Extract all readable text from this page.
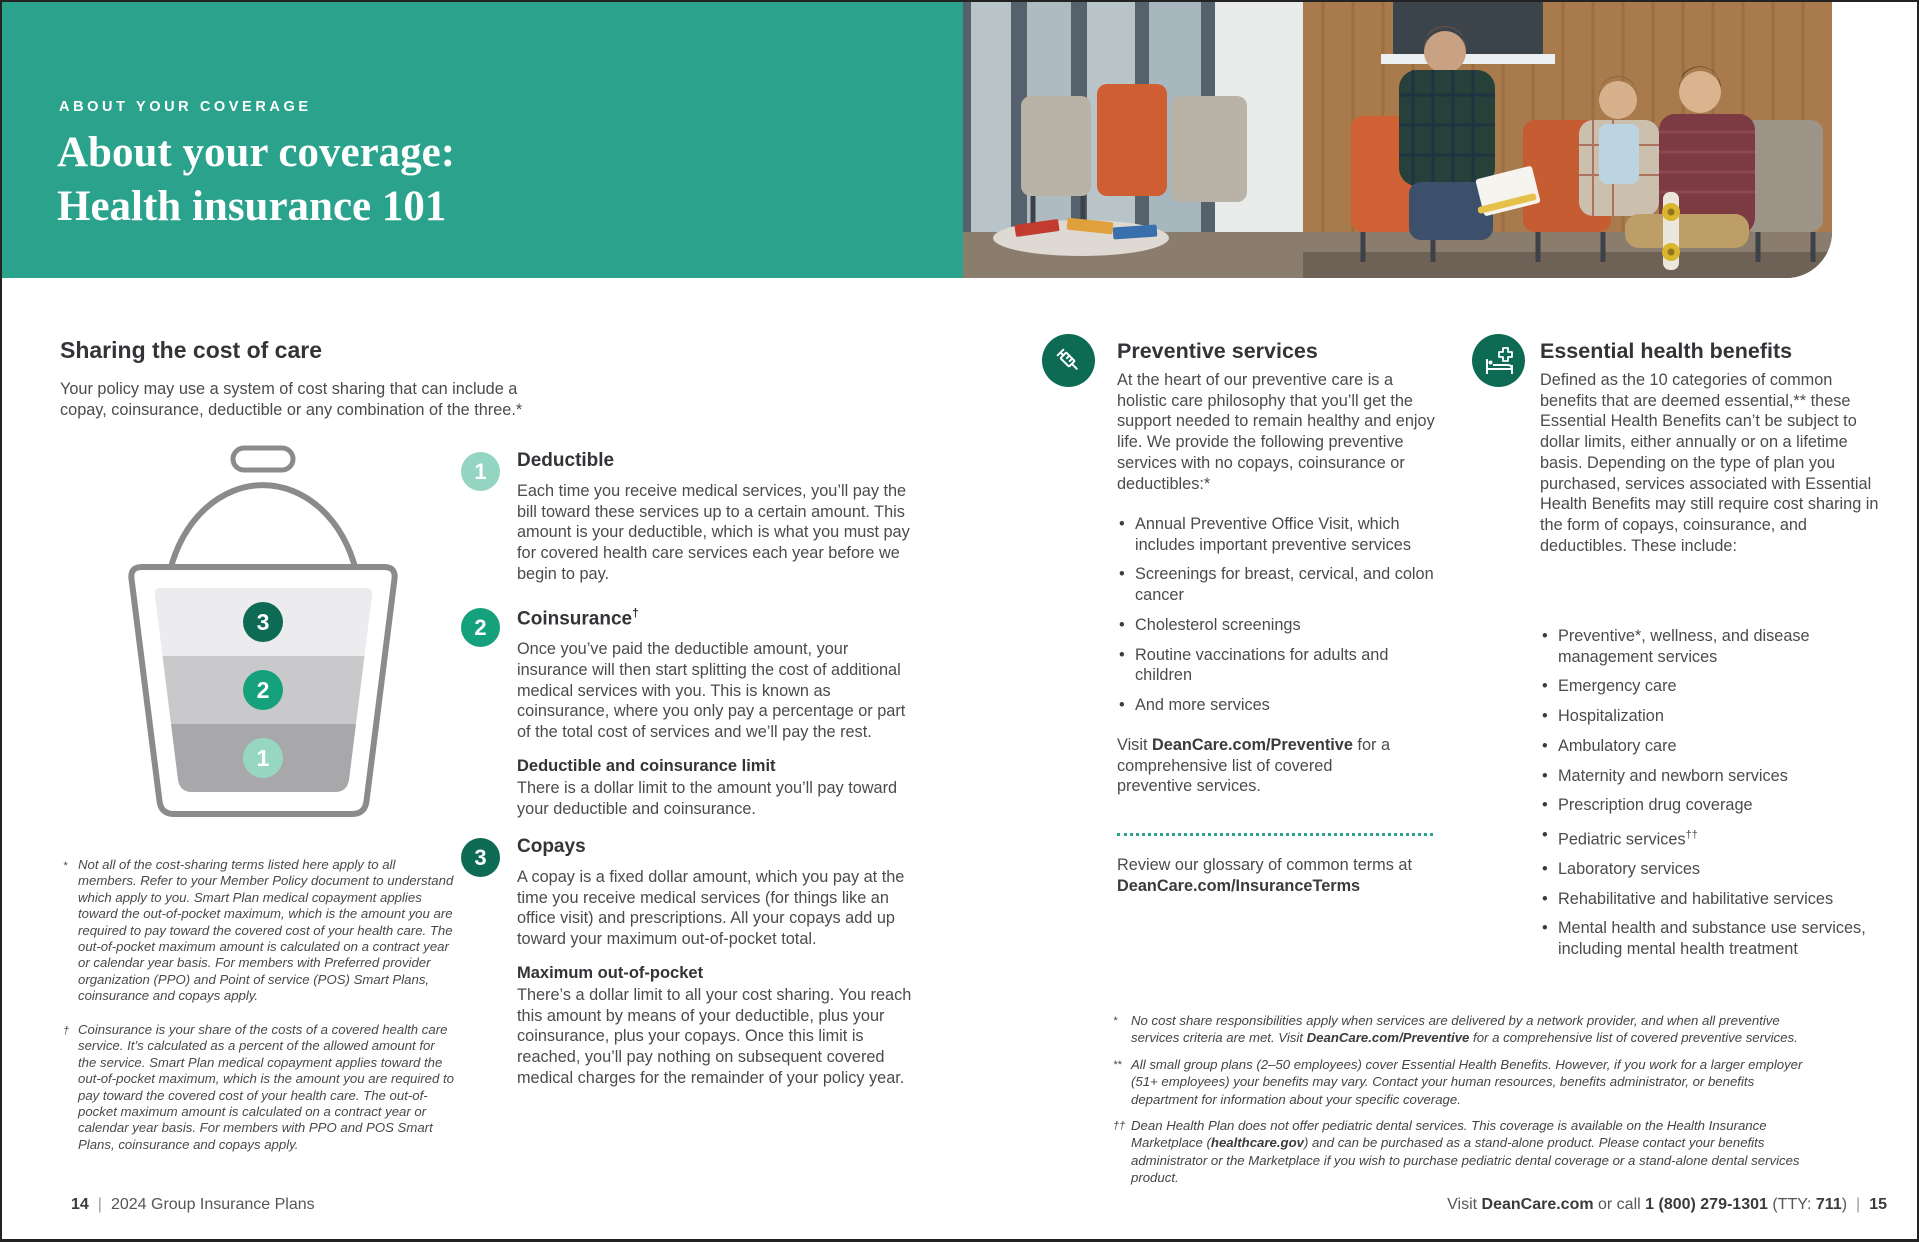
ABOUT YOUR COVERAGE
About your coverage:
Health insurance 101
Sharing the cost of care
Your policy may use a system of cost sharing that can include a copay, coinsurance, deductible or any combination of the three.*
3
2
1
1	Deductible
Each time you receive medical services, you’ll pay the bill toward these services up to a certain amount. This amount is your deductible, which is what you must pay for covered health care services each year before we begin to pay.
2	Coinsurance†
Once you’ve paid the deductible amount, your insurance will then start splitting the cost of additional medical services with you. This is known as coinsurance, where you only pay a percentage or part of the total cost of services and we’ll pay the rest.
Deductible and coinsurance limit
There is a dollar limit to the amount you’ll pay toward your deductible and coinsurance.
3	Copays
A copay is a fixed dollar amount, which you pay at the time you receive medical services (for things like an office visit) and prescriptions. All your copays add up toward your maximum out-of-pocket total.
Maximum out-of-pocket
There’s a dollar limit to all your cost sharing. You reach this amount by means of your deductible, plus your coinsurance, plus your copays. Once this limit is reached, you’ll pay nothing on subsequent covered medical charges for the remainder of your policy year.
* Not all of the cost-sharing terms listed here apply to all members. Refer to your Member Policy document to understand which apply to you. Smart Plan medical copayment applies toward the out-of-pocket maximum, which is the amount you are required to pay toward the covered cost of your health care. The out-of-pocket maximum amount is calculated on a contract year or calendar year basis. For members with Preferred provider organization (PPO) and Point of service (POS) Smart Plans, coinsurance and copays apply.
† Coinsurance is your share of the costs of a covered health care service. It’s calculated as a percent of the allowed amount for the service. Smart Plan medical copayment applies toward the out-of-pocket maximum, which is the amount you are required to pay toward the covered cost of your health care. The out-of-pocket maximum amount is calculated on a contract year or calendar year basis. For members with PPO and POS Smart Plans, coinsurance and copays apply.
Preventive services
At the heart of our preventive care is a holistic care philosophy that you’ll get the support needed to remain healthy and enjoy life. We provide the following preventive services with no copays, coinsurance or deductibles:*
• Annual Preventive Office Visit, which includes important preventive services
• Screenings for breast, cervical, and colon cancer
• Cholesterol screenings
• Routine vaccinations for adults and children
• And more services
Visit DeanCare.com/Preventive for a comprehensive list of covered preventive services.
Review our glossary of common terms at DeanCare.com/InsuranceTerms
Essential health benefits
Defined as the 10 categories of common benefits that are deemed essential,** these Essential Health Benefits can’t be subject to dollar limits, either annually or on a lifetime basis. Depending on the type of plan you purchased, services associated with Essential Health Benefits may still require cost sharing in the form of copays, coinsurance, and deductibles. These include:
• Preventive*, wellness, and disease management services
• Emergency care
• Hospitalization
• Ambulatory care
• Maternity and newborn services
• Prescription drug coverage
• Pediatric services††
• Laboratory services
• Rehabilitative and habilitative services
• Mental health and substance use services, including mental health treatment
*	No cost share responsibilities apply when services are delivered by a network provider, and when all preventive services criteria are met. Visit DeanCare.com/Preventive for a comprehensive list of covered preventive services.
** All small group plans (2–50 employees) cover Essential Health Benefits. However, if you work for a larger employer (51+ employees) your benefits may vary. Contact your human resources, benefits administrator, or benefits department for information about your specific coverage.
†† Dean Health Plan does not offer pediatric dental services. This coverage is available on the Health Insurance Marketplace (healthcare.gov) and can be purchased as a stand-alone product. Please contact your benefits administrator or the Marketplace if you wish to purchase pediatric dental coverage or a stand-alone dental services product.
14 | 2024 Group Insurance Plans	Visit DeanCare.com or call 1 (800) 279-1301 (TTY: 711) | 15
